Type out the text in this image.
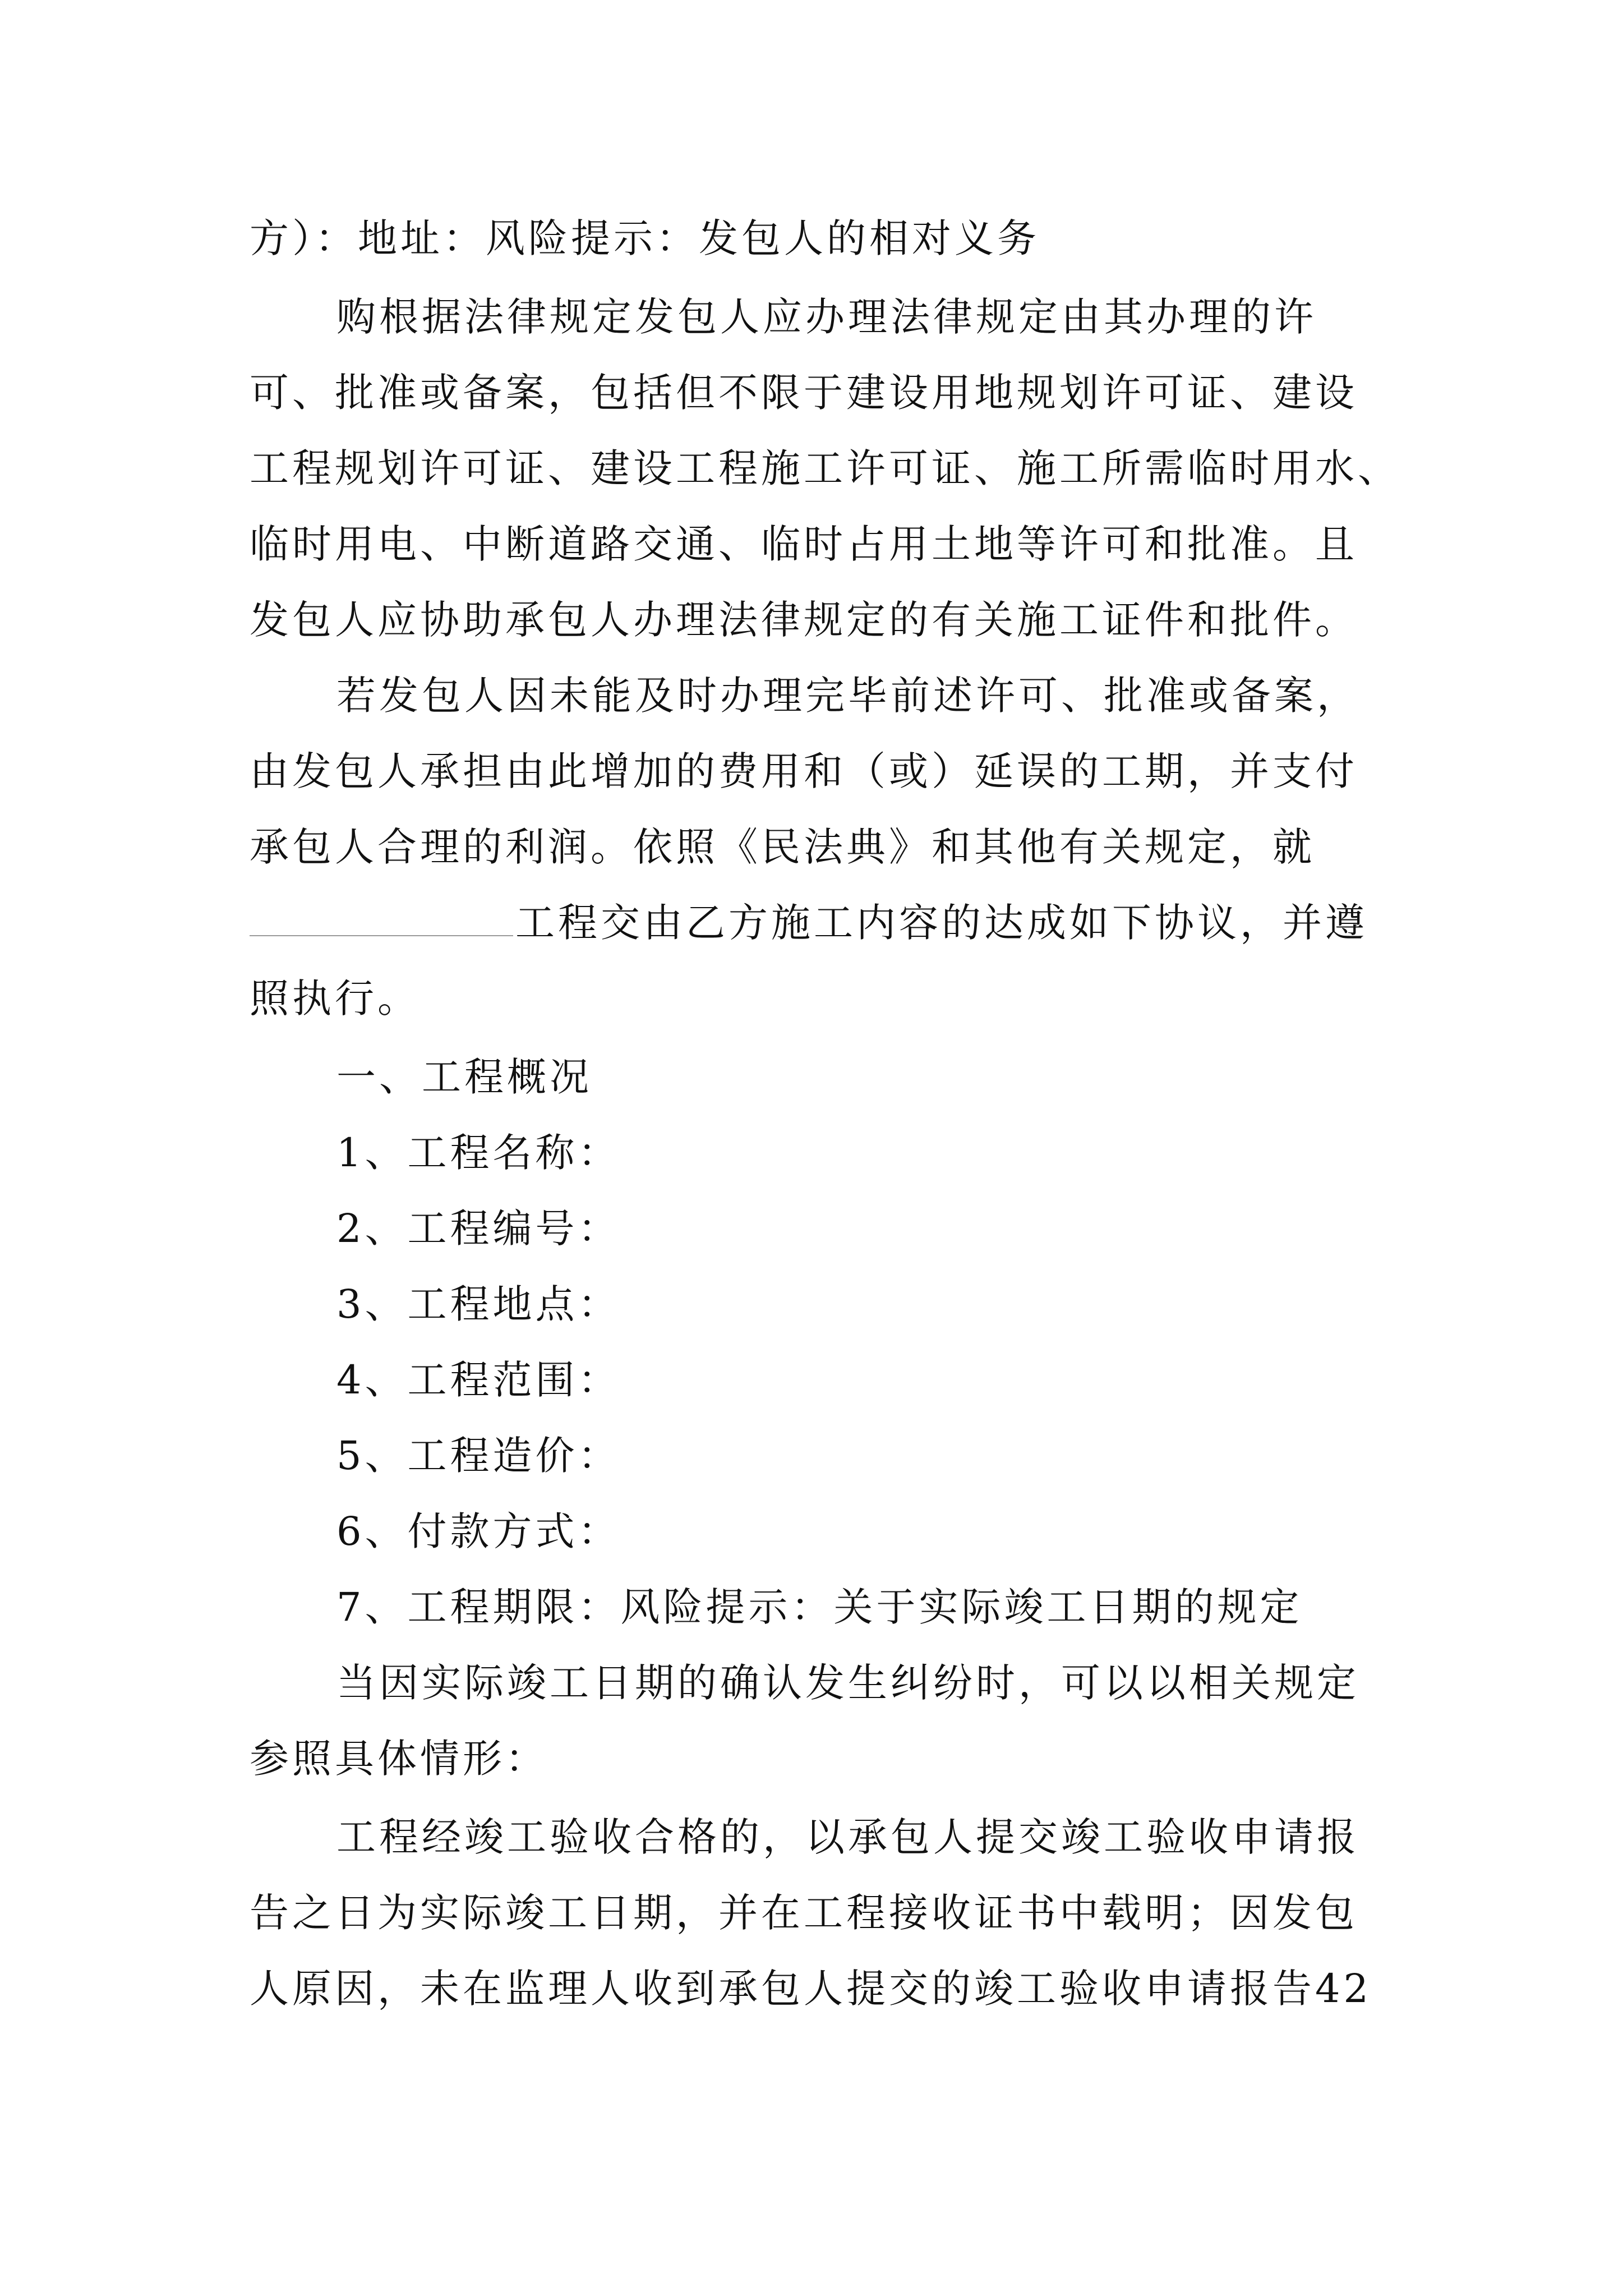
方）：地址：风险提示：发包人的相对义务
购根据法律规定发包人应办理法律规定由其办理的许
可、批准或备案，包括但不限于建设用地规划许可证、建设
工程规划许可证、建设工程施工许可证、施工所需临时用水、
临时用电、中断道路交通、临时占用土地等许可和批准。且
发包人应协助承包人办理法律规定的有关施工证件和批件。
若发包人因未能及时办理完毕前述许可、批准或备案，
由发包人承担由此增加的费用和（或）延误的工期，并支付
承包人合理的利润。依照《民法典》和其他有关规定，就
工程交由乙方施工内容的达成如下协议，并遵
照执行。
一、工程概况
1、工程名称：
2、工程编号：
3、工程地点：
4、工程范围：
5、工程造价：
6、付款方式：
7、工程期限：风险提示：关于实际竣工日期的规定
当因实际竣工日期的确认发生纠纷时，可以以相关规定
参照具体情形：
工程经竣工验收合格的，以承包人提交竣工验收申请报
告之日为实际竣工日期，并在工程接收证书中载明；因发包
人原因，未在监理人收到承包人提交的竣工验收申请报告42
